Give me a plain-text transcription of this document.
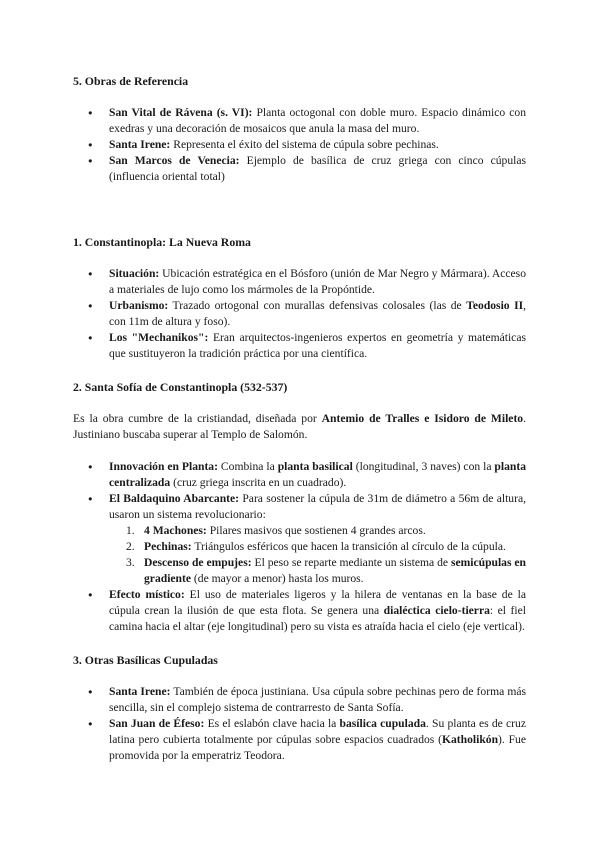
5. Obras de Referencia
● San Vital de Rávena (s. VI): Planta octogonal con doble muro. Espacio dinámico con exedras y una decoración de mosaicos que anula la masa del muro.
● Santa Irene: Representa el éxito del sistema de cúpula sobre pechinas.
● San Marcos de Venecia: Ejemplo de basílica de cruz griega con cinco cúpulas (influencia oriental total)
1. Constantinopla: La Nueva Roma
● Situación: Ubicación estratégica en el Bósforo (unión de Mar Negro y Mármara). Acceso a materiales de lujo como los mármoles de la Propóntide.
● Urbanismo: Trazado ortogonal con murallas defensivas colosales (las de Teodosio II, con 11m de altura y foso).
● Los "Mechanikos": Eran arquitectos-ingenieros expertos en geometría y matemáticas que sustituyeron la tradición práctica por una científica.
2. Santa Sofía de Constantinopla (532-537)

Es la obra cumbre de la cristiandad, diseñada por Antemio de Tralles e Isidoro de Mileto. Justiniano buscaba superar al Templo de Salomón.

● Innovación en Planta: Combina la planta basilical (longitudinal, 3 naves) con la planta centralizada (cruz griega inscrita en un cuadrado).
● El Baldaquino Abarcante: Para sostener la cúpula de 31m de diámetro a 56m de altura, usaron un sistema revolucionario:
1. 4 Machones: Pilares masivos que sostienen 4 grandes arcos.
2. Pechinas: Triángulos esféricos que hacen la transición al círculo de la cúpula.
3. Descenso de empujes: El peso se reparte mediante un sistema de semicúpulas en gradiente (de mayor a menor) hasta los muros.
● Efecto místico: El uso de materiales ligeros y la hilera de ventanas en la base de la cúpula crean la ilusión de que esta flota. Se genera una dialéctica cielo-tierra: el fiel camina hacia el altar (eje longitudinal) pero su vista es atraída hacia el cielo (eje vertical).
3. Otras Basílicas Cupuladas
● Santa Irene: También de época justiniana. Usa cúpula sobre pechinas pero de forma más sencilla, sin el complejo sistema de contrarresto de Santa Sofía.
● San Juan de Éfeso: Es el eslabón clave hacia la basílica cupulada. Su planta es de cruz latina pero cubierta totalmente por cúpulas sobre espacios cuadrados (Katholikón). Fue promovida por la emperatriz Teodora.
